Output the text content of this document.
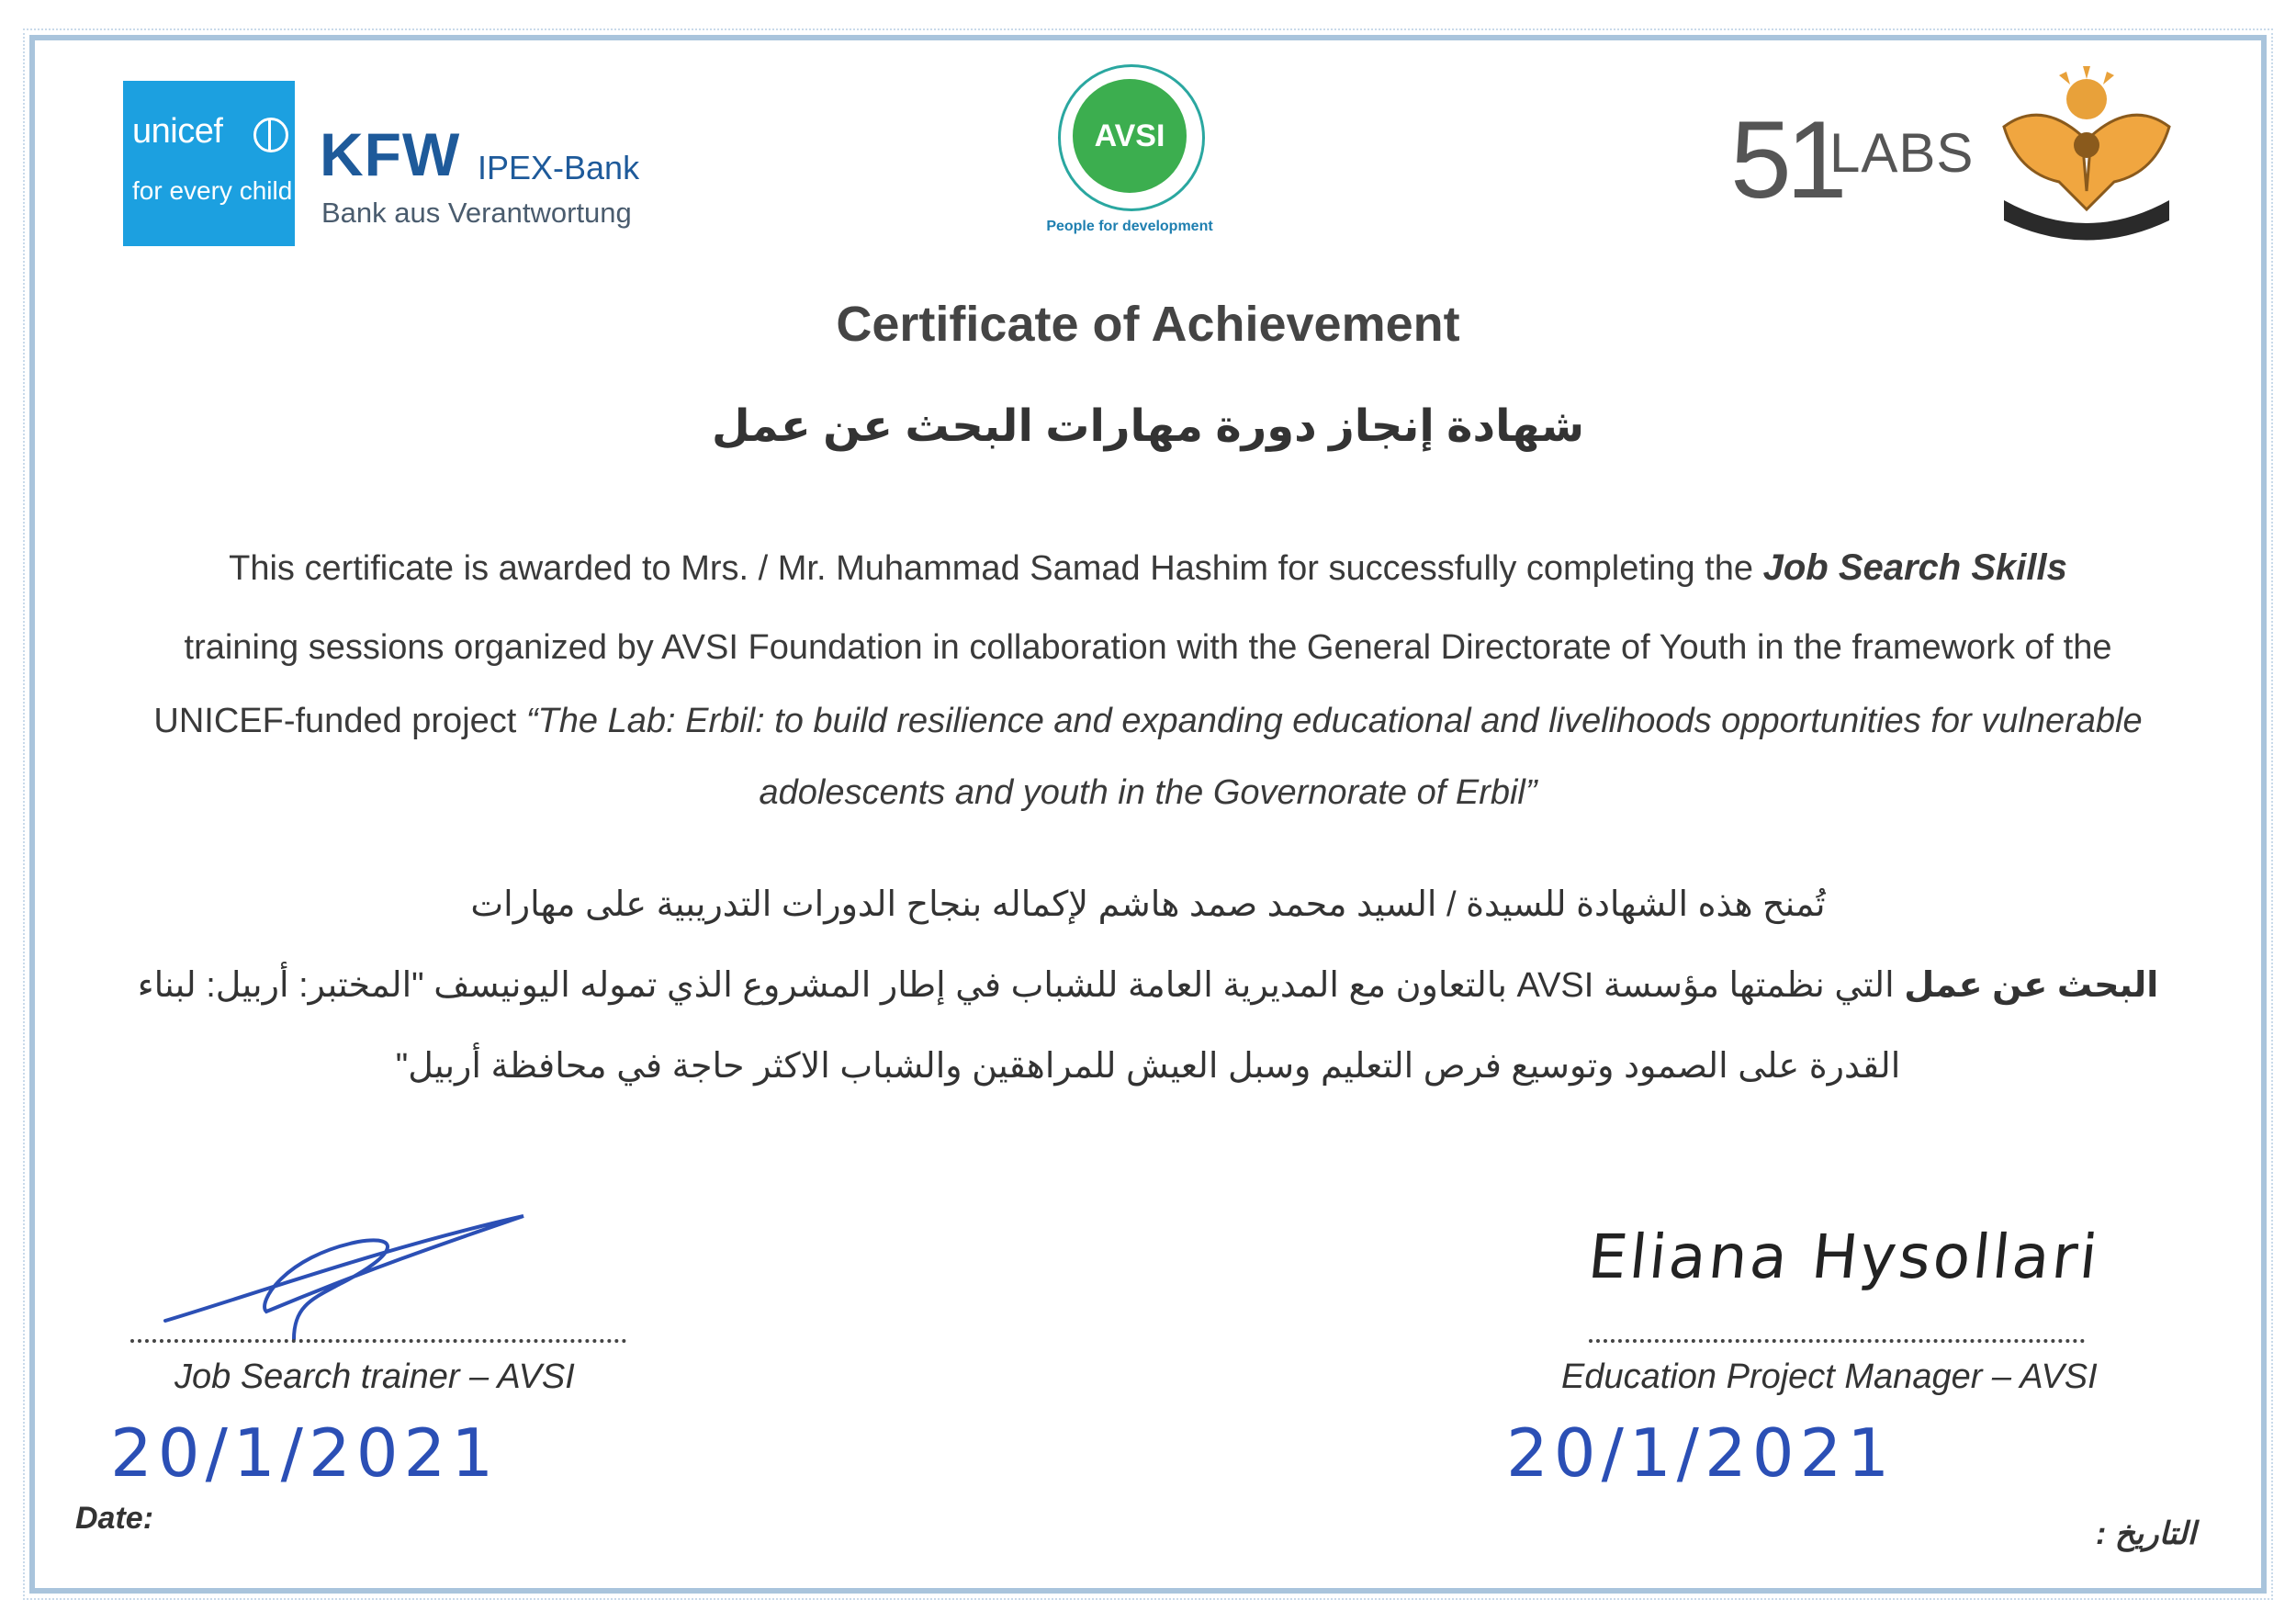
unicef
for every child
KFW IPEX-Bank
Bank aus Verantwortung
AVSI
People for development
51
LABS
Certificate of Achievement
شهادة إنجاز دورة مهارات البحث عن عمل
This certificate is awarded to Mrs. / Mr. Muhammad Samad Hashim for successfully completing the Job Search Skills
training sessions organized by AVSI Foundation in collaboration with the General Directorate of Youth in the framework of the
UNICEF-funded project “The Lab: Erbil: to build resilience and expanding educational and livelihoods opportunities for vulnerable
adolescents and youth in the Governorate of Erbil”
تُمنح هذه الشهادة للسيدة / السيد محمد صمد هاشم لإكماله بنجاح الدورات التدريبية على مهارات
البحث عن عمل التي نظمتها مؤسسة AVSI بالتعاون مع المديرية العامة للشباب في إطار المشروع الذي تموله اليونيسف "المختبر: أربيل: لبناء
القدرة على الصمود وتوسيع فرص التعليم وسبل العيش للمراهقين والشباب الاكثر حاجة في محافظة أربيل"
Job Search trainer – AVSI
20/1/2021
Date:
Eliana Hysollari
Education Project Manager – AVSI
20/1/2021
التاريخ :
